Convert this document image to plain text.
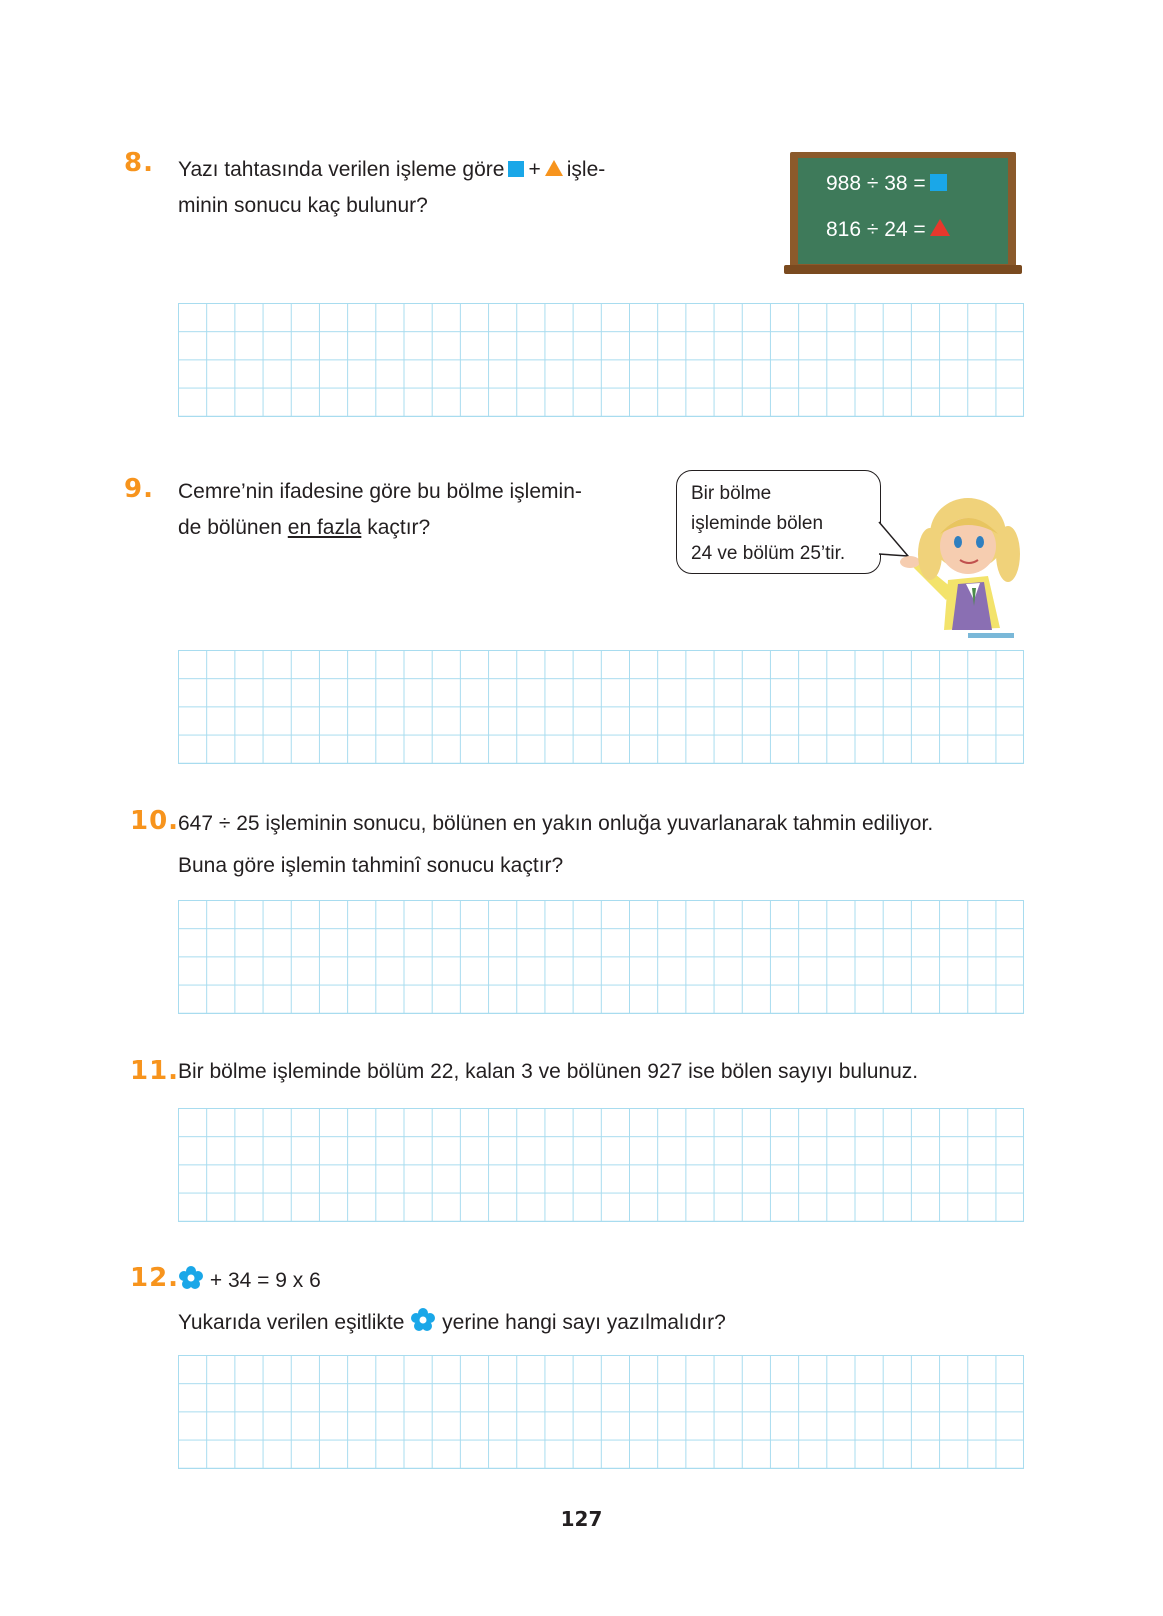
8. Yazı tahtasında verilen işleme göre + işle-
minin sonucu kaç bulunur?
988 ÷ 38 =
816 ÷ 24 =
9. Cemre’nin ifadesine göre bu bölme işlemin-
de bölünen en fazla kaçtır?
Bir bölme
işleminde bölen
24 ve bölüm 25’tir.
10.
647 ÷ 25 işleminin sonucu, bölünen en yakın onluğa yuvarlanarak tahmin ediliyor.
Buna göre işlemin tahminî sonucu kaçtır?
11.
Bir bölme işleminde bölüm 22, kalan 3 ve bölünen 927 ise bölen sayıyı bulunuz.
12.	+ 34 = 9 x 6
Yukarıda verilen eşitlikte yerine hangi sayı yazılmalıdır?
127
